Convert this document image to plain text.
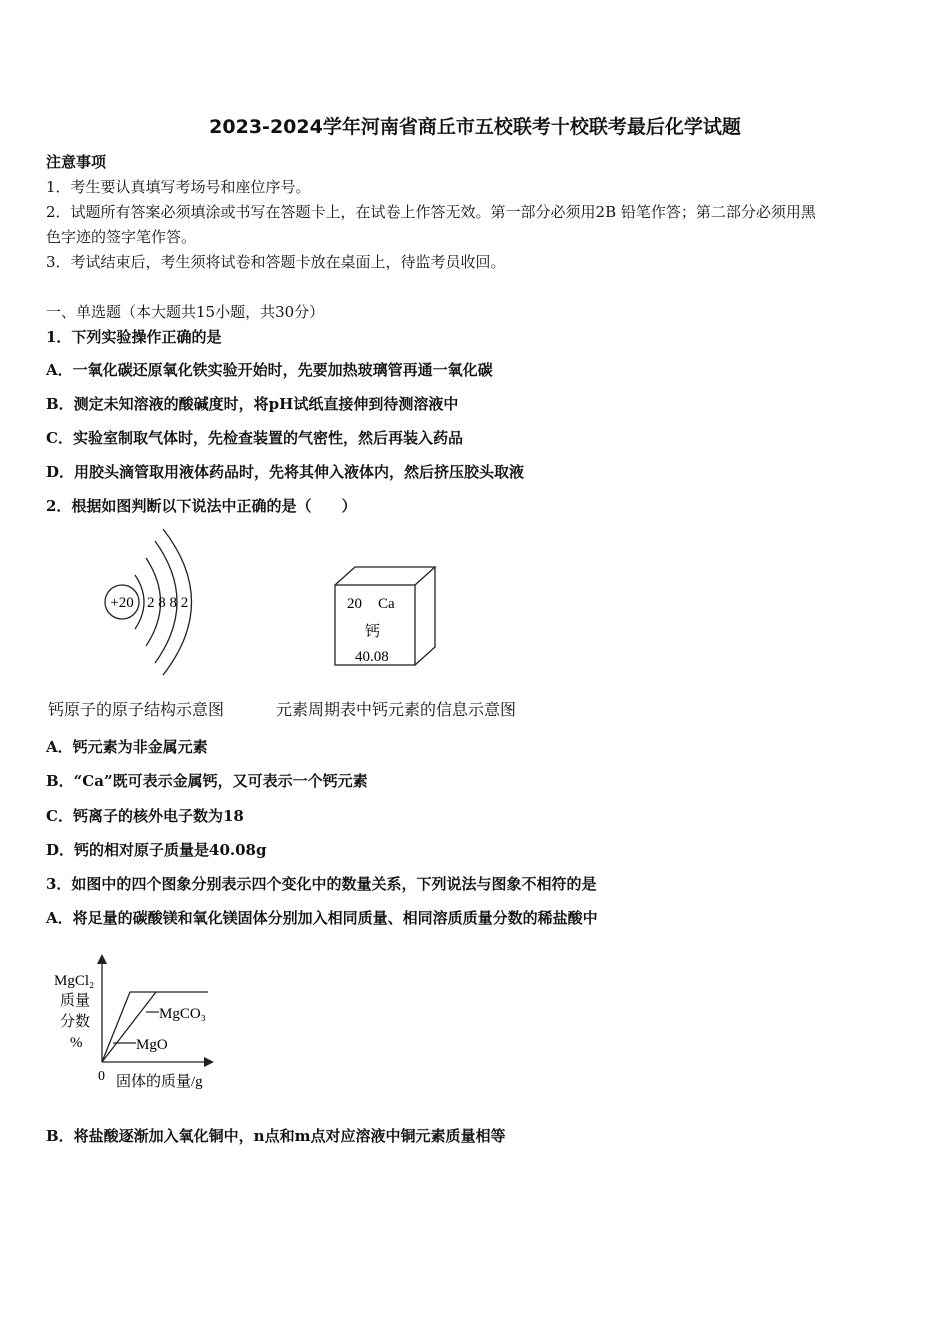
2023-2024学年河南省商丘市五校联考十校联考最后化学试题
注意事项
1．考生要认真填写考场号和座位序号。
2．试题所有答案必须填涂或书写在答题卡上，在试卷上作答无效。第一部分必须用2B 铅笔作答；第二部分必须用黑
色字迹的签字笔作答。
3．考试结束后，考生须将试卷和答题卡放在桌面上，待监考员收回。
一、单选题（本大题共15小题，共30分）
1．下列实验操作正确的是
A．一氧化碳还原氧化铁实验开始时，先要加热玻璃管再通一氧化碳
B．测定未知溶液的酸碱度时，将pH试纸直接伸到待测溶液中
C．实验室制取气体时，先检查装置的气密性，然后再装入药品
D．用胶头滴管取用液体药品时，先将其伸入液体内，然后挤压胶头取液
2．根据如图判断以下说法中正确的是（　　）
+20 2 8 8 2	20 Ca
钙
40.08
钙原子的原子结构示意图	元素周期表中钙元素的信息示意图
A．钙元素为非金属元素
B．“Ca”既可表示金属钙，又可表示一个钙元素
C．钙离子的核外电子数为18
D．钙的相对原子质量是40.08g
3．如图中的四个图象分别表示四个变化中的数量关系，下列说法与图象不相符的是
A．将足量的碳酸镁和氧化镁固体分别加入相同质量、相同溶质质量分数的稀盐酸中
MgCl₂
质量
分数
%
MgCO₃
MgO
0 固体的质量/g
B．将盐酸逐渐加入氧化铜中，n点和m点对应溶液中铜元素质量相等
